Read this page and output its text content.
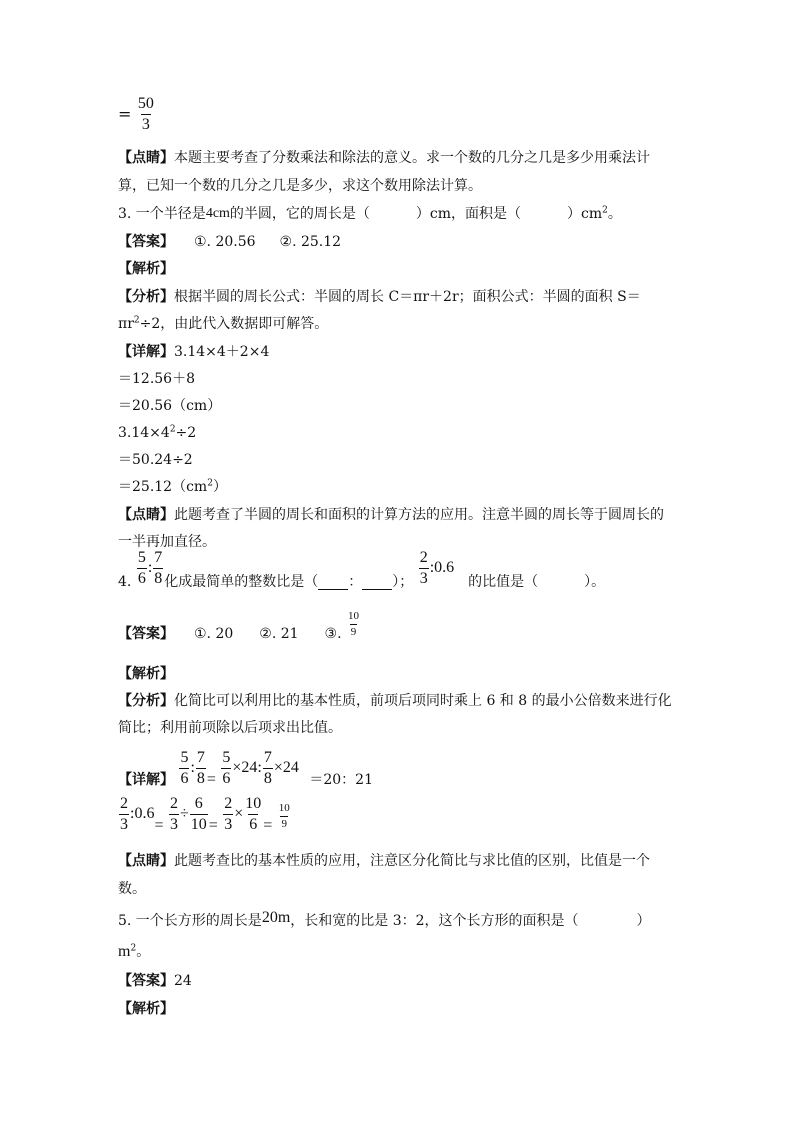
= $\frac{50}{3}$
【点睛】本题主要考查了分数乘法和除法的意义。求一个数的几分之几是多少用乘法计
算，已知一个数的几分之几是多少，求这个数用除法计算。
3. 一个半径是4cm的半圆，它的周长是（	）cm，面积是（	）$cm^2$。
【答案】 ①. 20.56 ②. 25.12
【解析】
【分析】根据半圆的周长公式：半圆的周长 C＝πr＋2r；面积公式：半圆的面积 S＝
$\pi r^2\div 2$，由此代入数据即可解答。
【详解】3.14×4＋2×4
＝12.56＋8
＝20.56（cm）
$3.14\times 4^2\div 2$
＝50.24÷2
$=25.12(cm^2)$
【点睛】此题考查了半圆的周长和面积的计算方法的应用。注意半圆的周长等于圆周长的
一半再加直径。
4. $\frac{5}{6}$ : $\frac{7}{8}$ 化成最简单的整数比是（ ： ）； $\frac{2}{3}$ :0.6的比值是（	）。
【答案】 ①. 20 ②. 21 ③. $\frac{10}{9}$
【解析】
【分析】化简比可以利用比的基本性质，前项后项同时乘上 6 和 8 的最小公倍数来进行化
简比；利用前项除以后项求出比值。
【详解】 $\frac{5}{6}$ : $\frac{7}{8} = \frac{5}{6} \times 24$: $\frac{7}{8} \times 24 =20$：21
$\frac{2}{3}$ :0.6= $\frac{2}{3} \div \frac{6}{10} = \frac{2}{3} \times \frac{10}{6} = \frac{10}{9}$
【点睛】此题考查比的基本性质的应用，注意区分化简比与求比值的区别，比值是一个
数。
5. 一个长方形的周长是20m，长和宽的比是 3：2，这个长方形的面积是（	）
$m^2$。
【答案】24
【解析】
